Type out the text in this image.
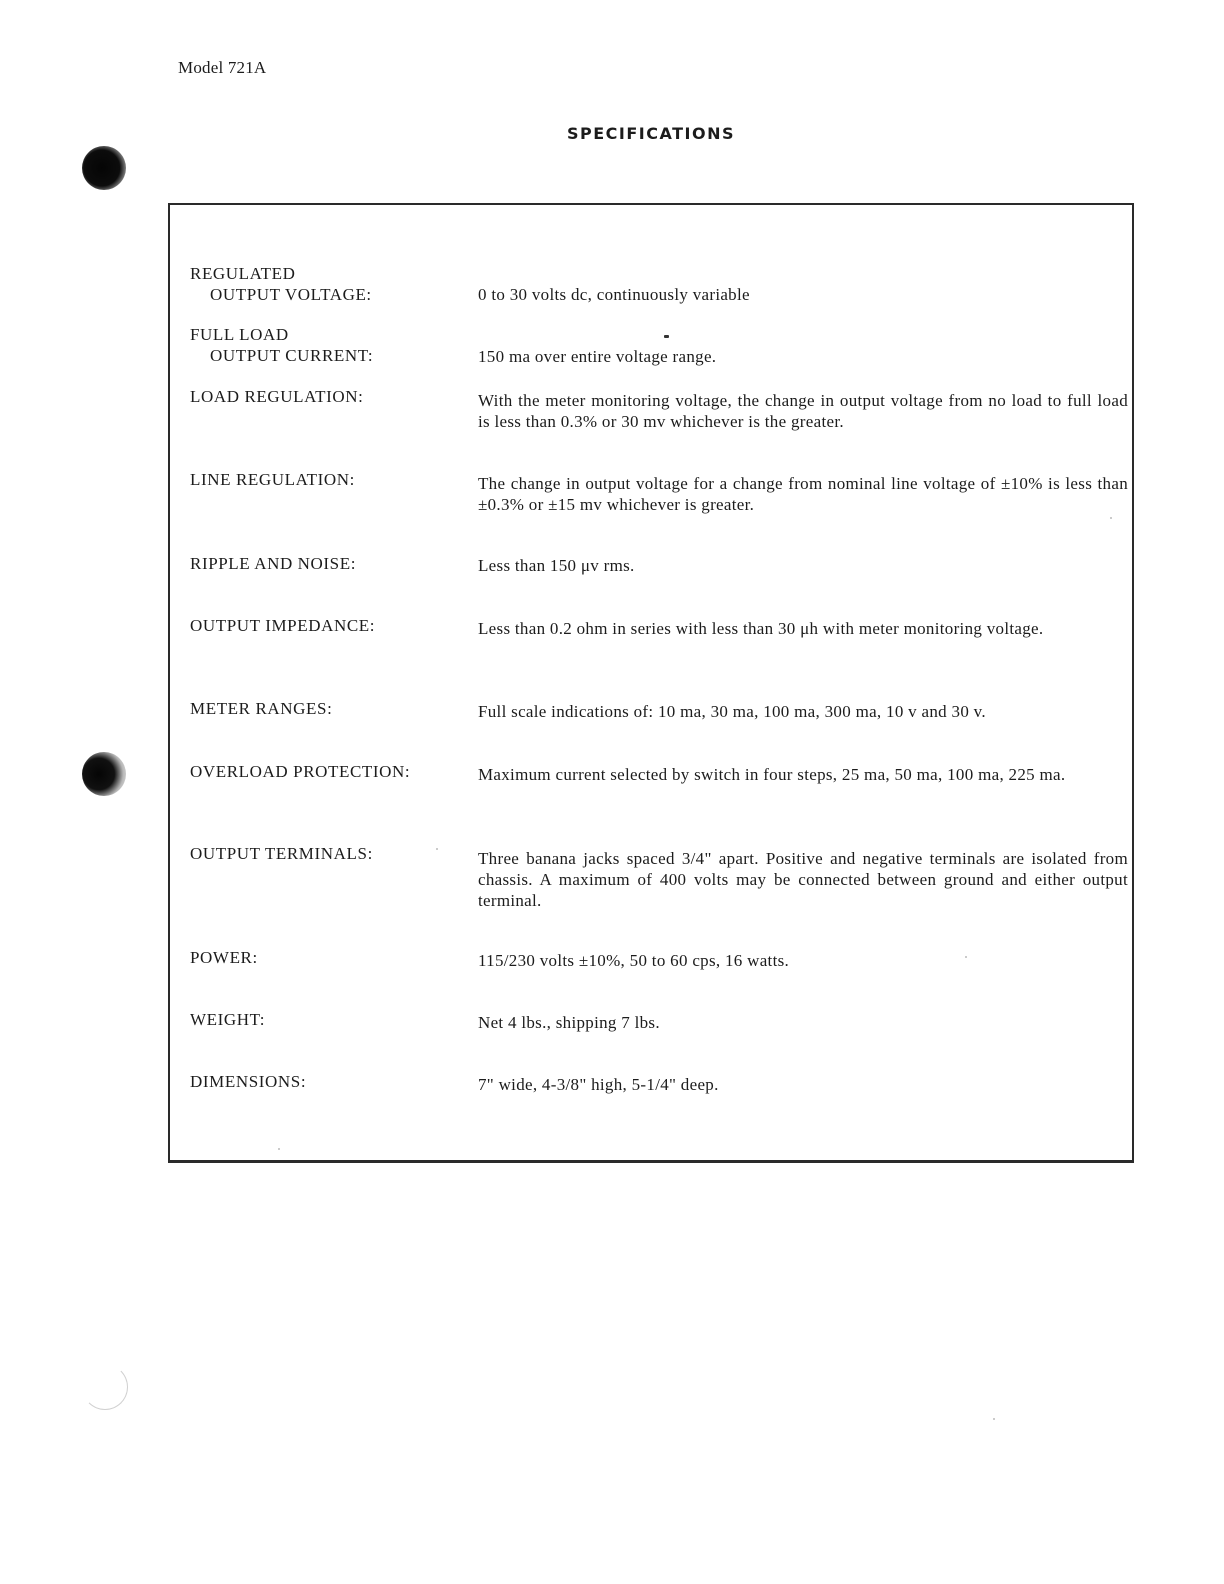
Model 721A
SPECIFICATIONS
REGULATED
OUTPUT VOLTAGE:	0 to 30 volts dc, continuously variable
FULL LOAD
OUTPUT CURRENT:	150 ma over entire voltage range.
LOAD REGULATION:	With the meter monitoring voltage, the change in output voltage from no load to full load is less than 0.3% or 30 mv whichever is the greater.
LINE REGULATION:	The change in output voltage for a change from nominal line voltage of ±10% is less than ±0.3% or ±15 mv whichever is greater.
RIPPLE AND NOISE:	Less than 150 μv rms.
OUTPUT IMPEDANCE:	Less than 0.2 ohm in series with less than 30 μh with meter monitoring voltage.
METER RANGES:	Full scale indications of: 10 ma, 30 ma, 100 ma, 300 ma, 10 v and 30 v.
OVERLOAD PROTECTION:	Maximum current selected by switch in four steps, 25 ma, 50 ma, 100 ma, 225 ma.
OUTPUT TERMINALS:	Three banana jacks spaced 3/4" apart. Positive and negative terminals are isolated from chassis. A maximum of 400 volts may be connected between ground and either output terminal.
POWER:	115/230 volts ±10%, 50 to 60 cps, 16 watts.
WEIGHT:	Net 4 lbs., shipping 7 lbs.
DIMENSIONS:	7" wide, 4-3/8" high, 5-1/4" deep.
